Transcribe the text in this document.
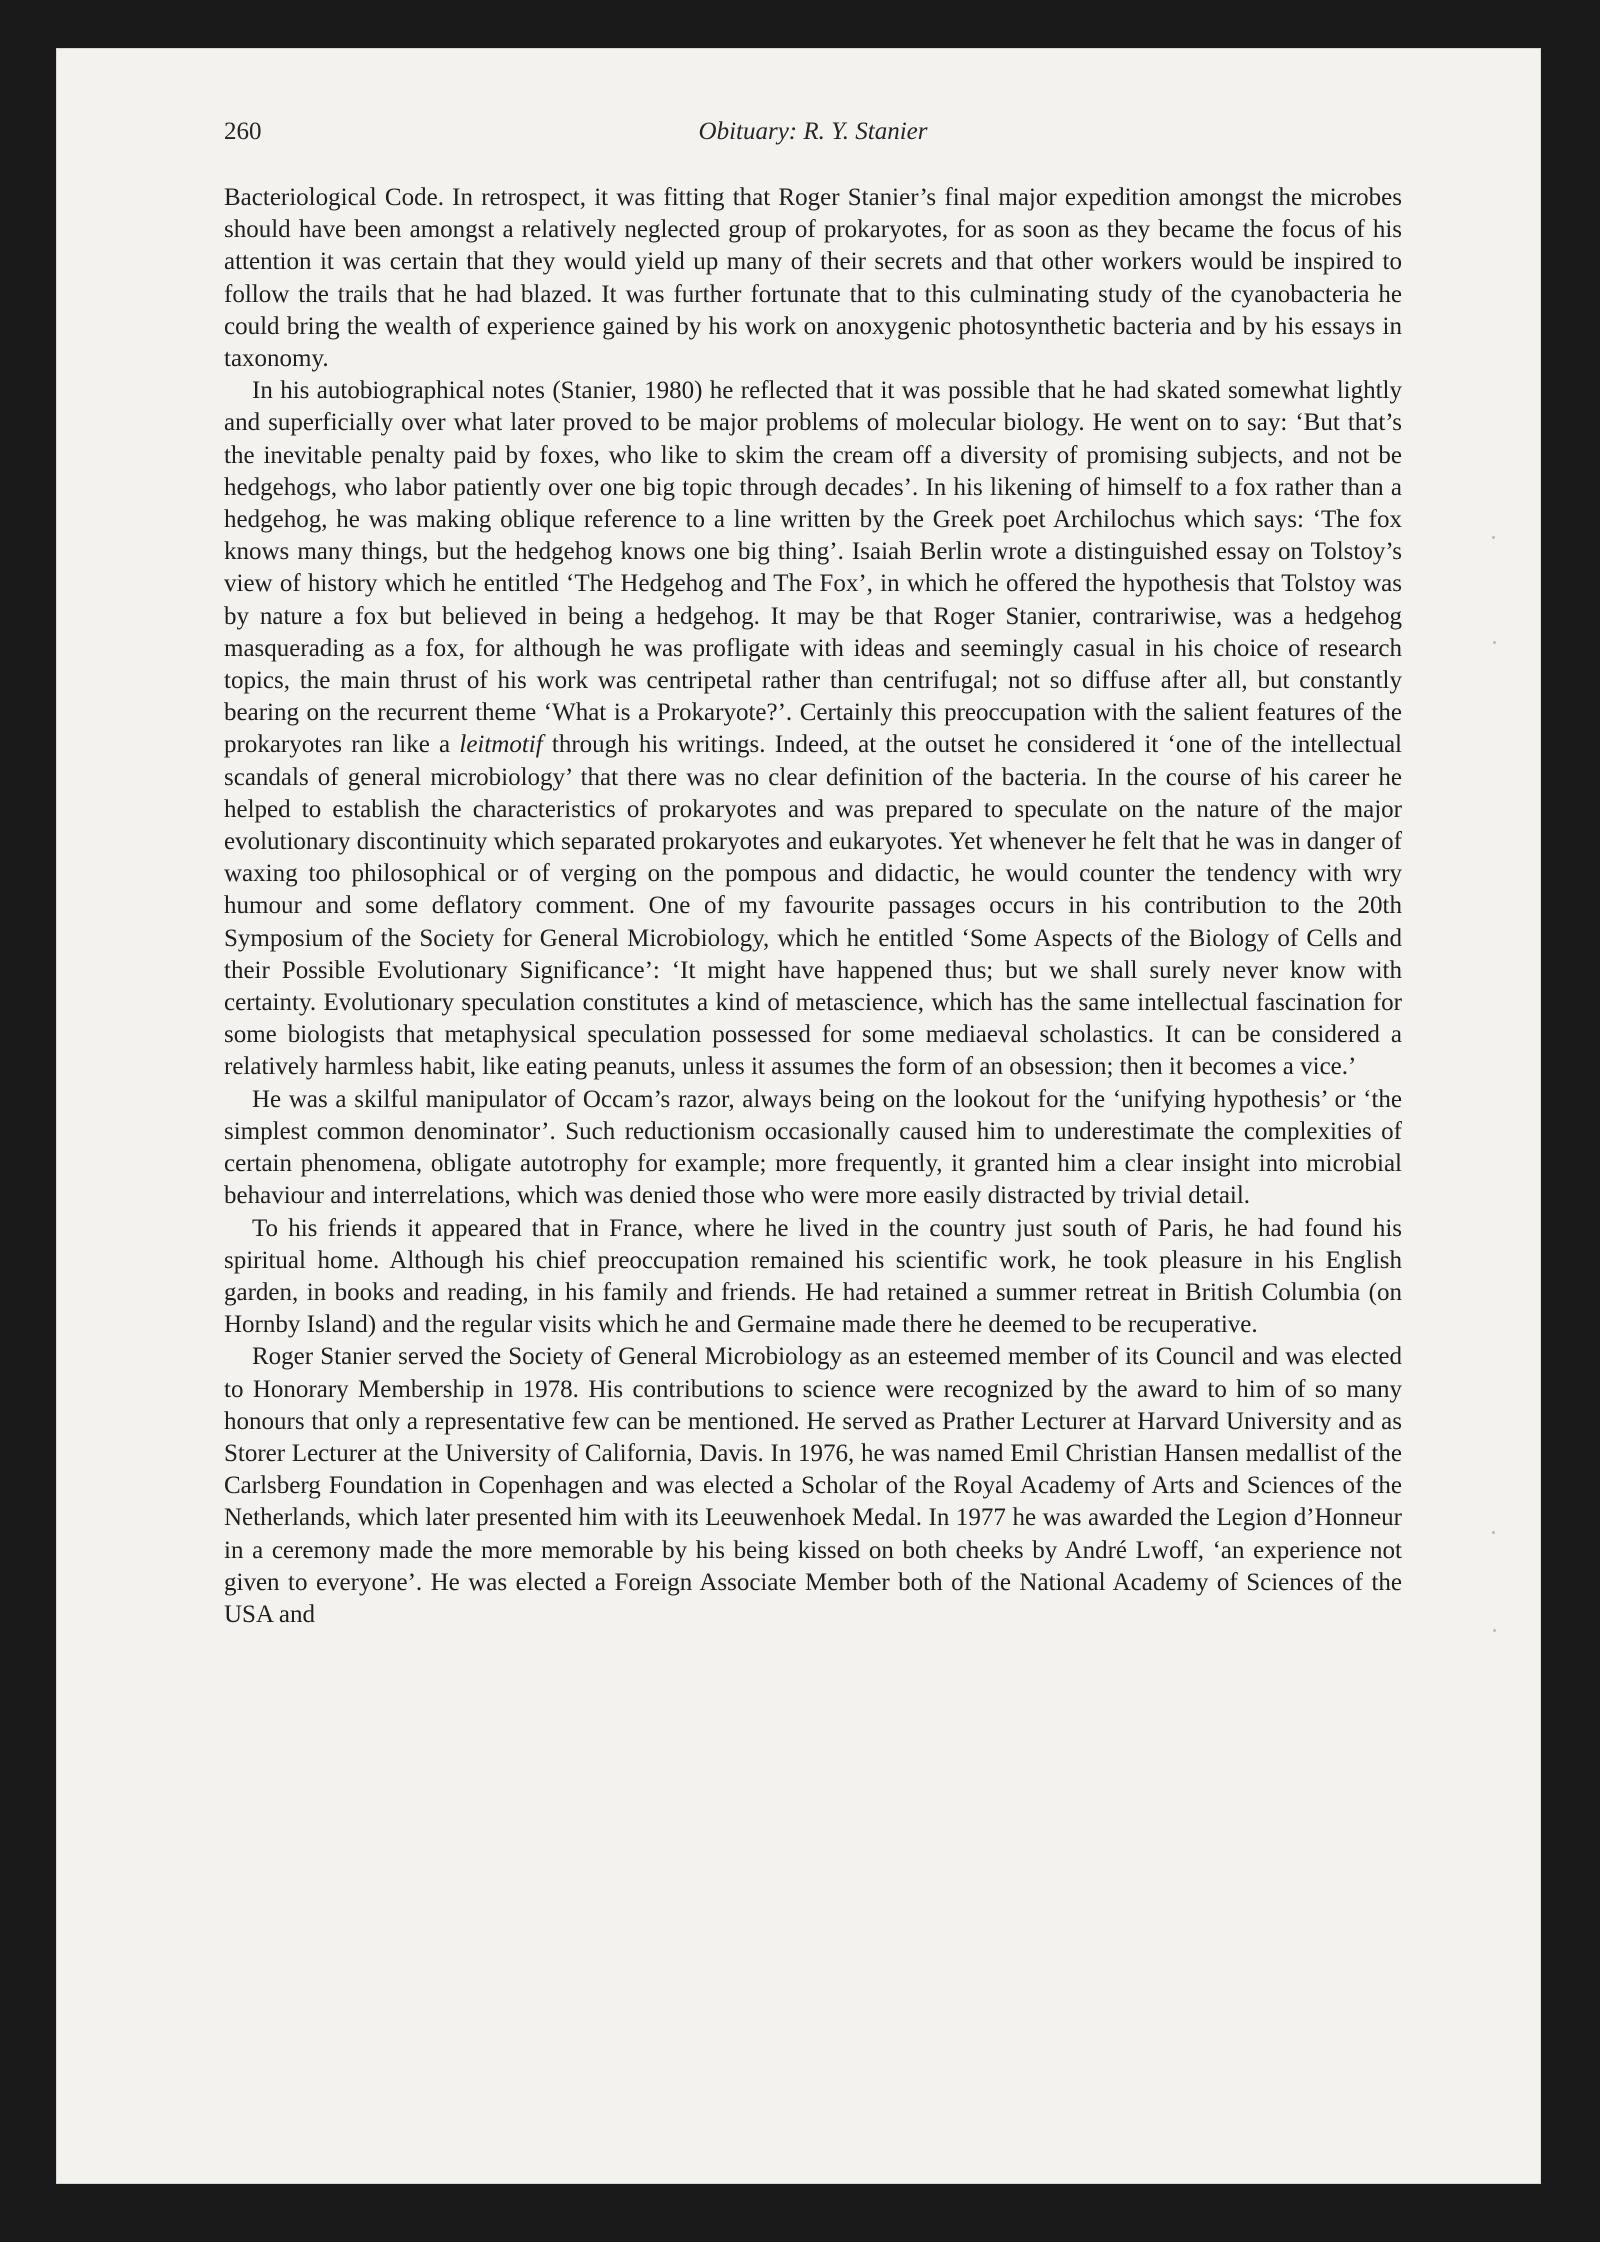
260	Obituary: R. Y. Stanier

Bacteriological Code. In retrospect, it was fitting that Roger Stanier’s final major expedition amongst the microbes should have been amongst a relatively neglected group of prokaryotes, for as soon as they became the focus of his attention it was certain that they would yield up many of their secrets and that other workers would be inspired to follow the trails that he had blazed. It was further fortunate that to this culminating study of the cyanobacteria he could bring the wealth of experience gained by his work on anoxygenic photosynthetic bacteria and by his essays in taxonomy.

In his autobiographical notes (Stanier, 1980) he reflected that it was possible that he had skated somewhat lightly and superficially over what later proved to be major problems of molecular biology. He went on to say: ‘But that’s the inevitable penalty paid by foxes, who like to skim the cream off a diversity of promising subjects, and not be hedgehogs, who labor patiently over one big topic through decades’. In his likening of himself to a fox rather than a hedgehog, he was making oblique reference to a line written by the Greek poet Archilochus which says: ‘The fox knows many things, but the hedgehog knows one big thing’. Isaiah Berlin wrote a distinguished essay on Tolstoy’s view of history which he entitled ‘The Hedgehog and The Fox’, in which he offered the hypothesis that Tolstoy was by nature a fox but believed in being a hedgehog. It may be that Roger Stanier, contrariwise, was a hedgehog masquerading as a fox, for although he was profligate with ideas and seemingly casual in his choice of research topics, the main thrust of his work was centripetal rather than centrifugal; not so diffuse after all, but constantly bearing on the recurrent theme ‘What is a Prokaryote?’. Certainly this preoccupation with the salient features of the prokaryotes ran like a leitmotif through his writings. Indeed, at the outset he considered it ‘one of the intellectual scandals of general microbiology’ that there was no clear definition of the bacteria. In the course of his career he helped to establish the characteristics of prokaryotes and was prepared to speculate on the nature of the major evolutionary discontinuity which separated prokaryotes and eukaryotes. Yet whenever he felt that he was in danger of waxing too philosophical or of verging on the pompous and didactic, he would counter the tendency with wry humour and some deflatory comment. One of my favourite passages occurs in his contribution to the 20th Symposium of the Society for General Microbiology, which he entitled ‘Some Aspects of the Biology of Cells and their Possible Evolutionary Significance’: ‘It might have happened thus; but we shall surely never know with certainty. Evolutionary speculation constitutes a kind of metascience, which has the same intellectual fascination for some biologists that metaphysical speculation possessed for some mediaeval scholastics. It can be considered a relatively harmless habit, like eating peanuts, unless it assumes the form of an obsession; then it becomes a vice.’

He was a skilful manipulator of Occam’s razor, always being on the lookout for the ‘unifying hypothesis’ or ‘the simplest common denominator’. Such reductionism occasionally caused him to underestimate the complexities of certain phenomena, obligate autotrophy for example; more frequently, it granted him a clear insight into microbial behaviour and interrelations, which was denied those who were more easily distracted by trivial detail.

To his friends it appeared that in France, where he lived in the country just south of Paris, he had found his spiritual home. Although his chief preoccupation remained his scientific work, he took pleasure in his English garden, in books and reading, in his family and friends. He had retained a summer retreat in British Columbia (on Hornby Island) and the regular visits which he and Germaine made there he deemed to be recuperative.

Roger Stanier served the Society of General Microbiology as an esteemed member of its Council and was elected to Honorary Membership in 1978. His contributions to science were recognized by the award to him of so many honours that only a representative few can be mentioned. He served as Prather Lecturer at Harvard University and as Storer Lecturer at the University of California, Davis. In 1976, he was named Emil Christian Hansen medallist of the Carlsberg Foundation in Copenhagen and was elected a Scholar of the Royal Academy of Arts and Sciences of the Netherlands, which later presented him with its Leeuwenhoek Medal. In 1977 he was awarded the Legion d’Honneur in a ceremony made the more memorable by his being kissed on both cheeks by André Lwoff, ‘an experience not given to everyone’. He was elected a Foreign Associate Member both of the National Academy of Sciences of the USA and
